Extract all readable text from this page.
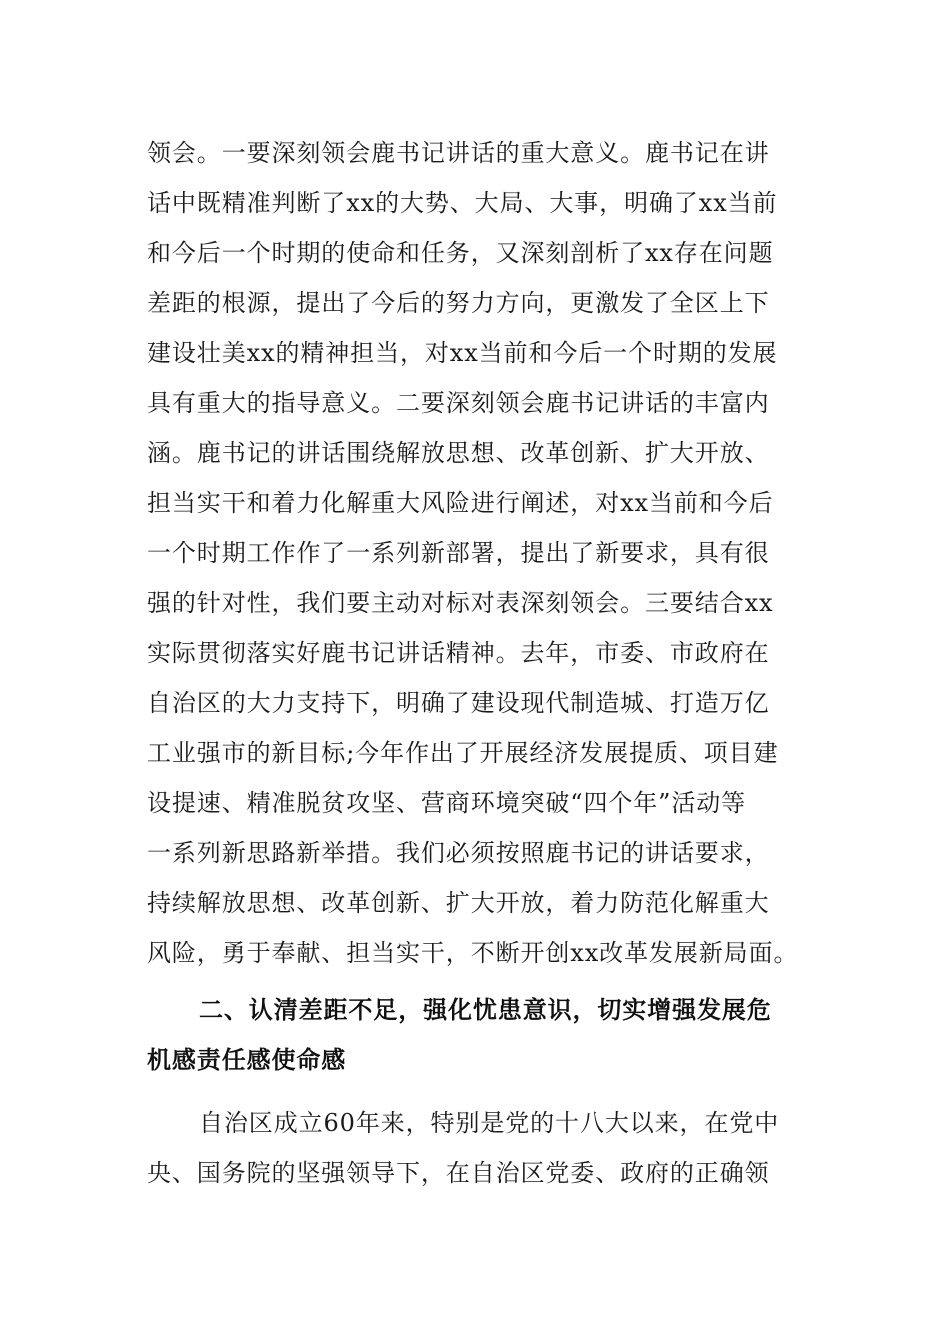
领会。一要深刻领会鹿书记讲话的重大意义。鹿书记在讲
话中既精准判断了xx的大势、大局、大事，明确了xx当前
和今后一个时期的使命和任务，又深刻剖析了xx存在问题
差距的根源，提出了今后的努力方向，更激发了全区上下
建设壮美xx的精神担当，对xx当前和今后一个时期的发展
具有重大的指导意义。二要深刻领会鹿书记讲话的丰富内
涵。鹿书记的讲话围绕解放思想、改革创新、扩大开放、
担当实干和着力化解重大风险进行阐述，对xx当前和今后
一个时期工作作了一系列新部署，提出了新要求，具有很
强的针对性，我们要主动对标对表深刻领会。三要结合xx
实际贯彻落实好鹿书记讲话精神。去年，市委、市政府在
自治区的大力支持下，明确了建设现代制造城、打造万亿
工业强市的新目标;今年作出了开展经济发展提质、项目建
设提速、精准脱贫攻坚、营商环境突破“四个年”活动等
一系列新思路新举措。我们必须按照鹿书记的讲话要求，
持续解放思想、改革创新、扩大开放，着力防范化解重大
风险，勇于奉献、担当实干，不断开创xx改革发展新局面。
二、认清差距不足，强化忧患意识，切实增强发展危
机感责任感使命感
自治区成立60年来，特别是党的十八大以来，在党中
央、国务院的坚强领导下，在自治区党委、政府的正确领
